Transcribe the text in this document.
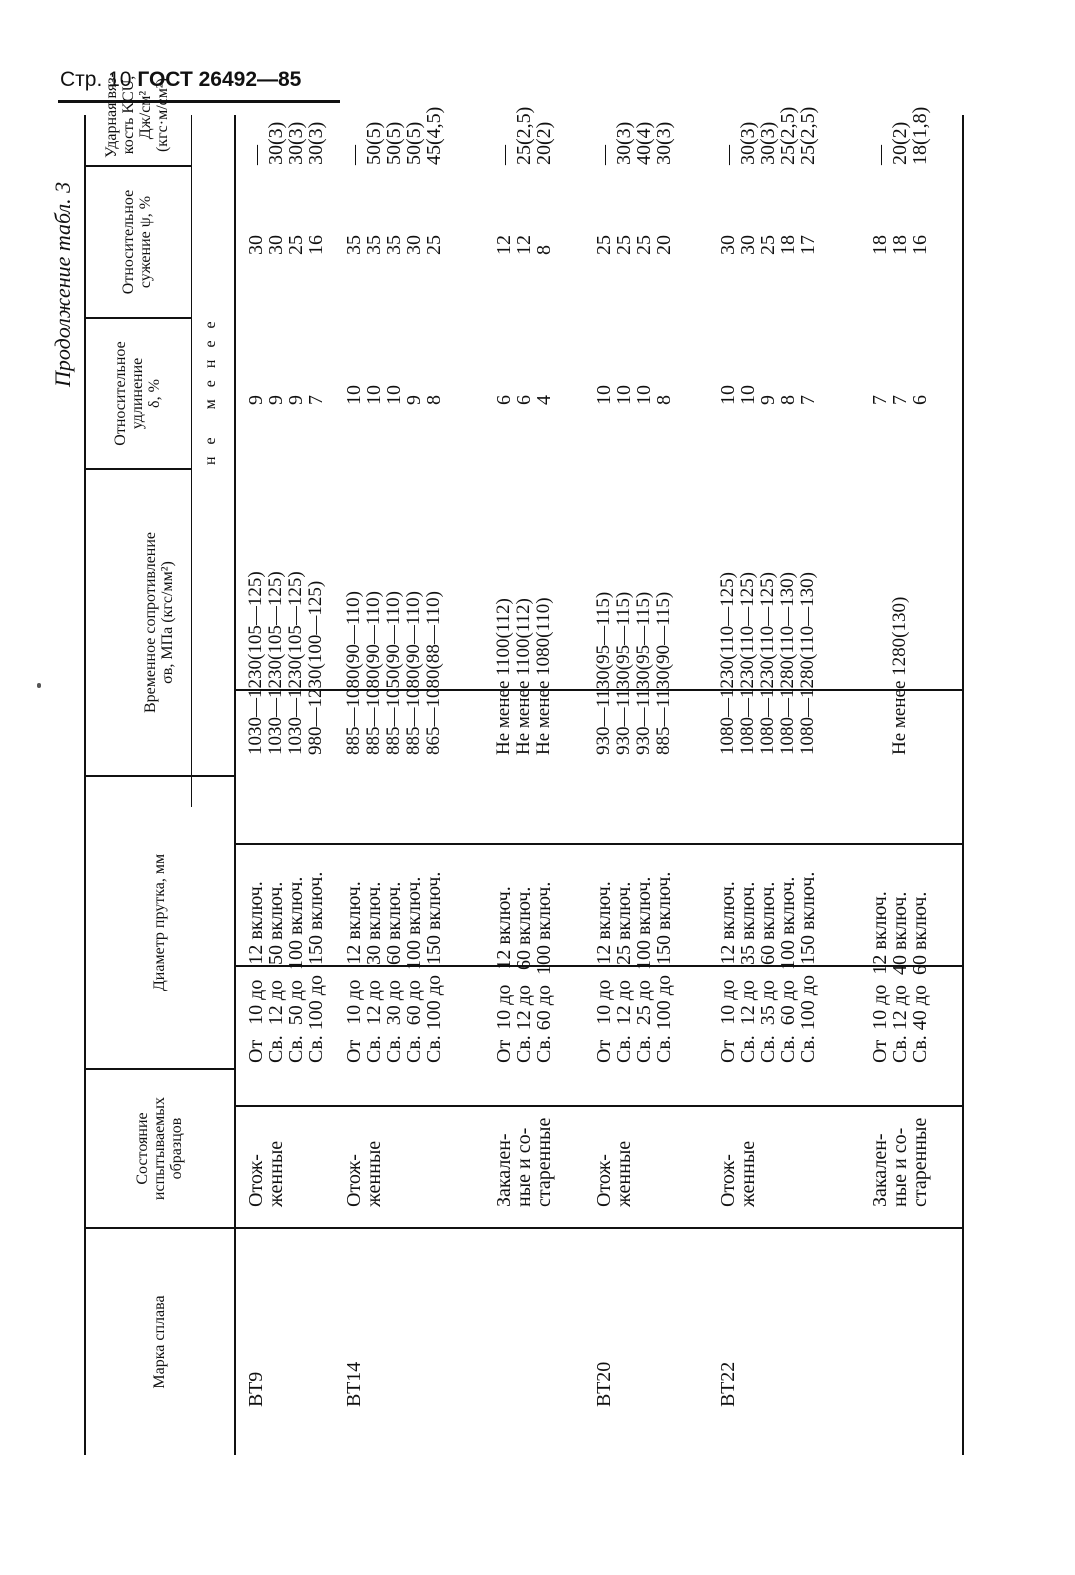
Стр. 10 ГОСТ 26492—85
Продолжение табл. 3
Марка сплава
Состояние испытываемых образцов
Диаметр прутка, мм
Временное сопротивление σв, МПа (кгс/мм²)
Относительное удлинение δ, %
Относительное сужение ψ, %
Ударная вяз- кость KCU, Дж/см² (кгс·м/см²)
не менее
ВТ9
Отож-
женные
От   10 до   12 включ.
Св.  12 до   50 включ.
Св.  50 до  100 включ.
Св. 100 до  150 включ.
1030—1230(105—125)
1030—1230(105—125)
1030—1230(105—125)
980—1230(100—125)
9
9
9
7
30
30
25
16
—
30(3)
30(3)
30(3)
ВТ14
Отож-
женные
От   10 до   12 включ.
Св.  12 до   30 включ.
Св.  30 до   60 включ.
Св.  60 до  100 включ.
Св. 100 до  150 включ.
885—1080(90—110)
885—1080(90—110)
885—1050(90—110)
885—1080(90—110)
865—1080(88—110)
10
10
10
9
8
35
35
35
30
25
—
50(5)
50(5)
50(5)
45(4,5)
Закален-
ные и со-
старенные
От  10 до   12 включ.
Св. 12 до   60 включ.
Св. 60 до  100 включ.
Не менее 1100(112)
Не менее 1100(112)
Не менее 1080(110)
6
6
4
12
12
8
—
25(2,5)
20(2)
ВТ20
Отож-
женные
От   10 до   12 включ.
Св.  12 до   25 включ.
Св.  25 до  100 включ.
Св. 100 до  150 включ.
930—1130(95—115)
930—1130(95—115)
930—1130(95—115)
885—1130(90—115)
10
10
10
8
25
25
25
20
—
30(3)
40(4)
30(3)
ВТ22
Отож-
женные
От   10 до   12 включ.
Св.  12 до   35 включ.
Св.  35 до   60 включ.
Св.  60 до  100 включ.
Св. 100 до  150 включ.
1080—1230(110—125)
1080—1230(110—125)
1080—1230(110—125)
1080—1280(110—130)
1080—1280(110—130)
10
10
9
8
7
30
30
25
18
17
—
30(3)
30(3)
25(2,5)
25(2,5)
Закален-
ные и со-
старенные
От  10 до  12 включ.
Св. 12 до  40 включ.
Св. 40 до  60 включ.
Не менее 1280(130)
7
7
6
18
18
16
—
20(2)
18(1,8)
